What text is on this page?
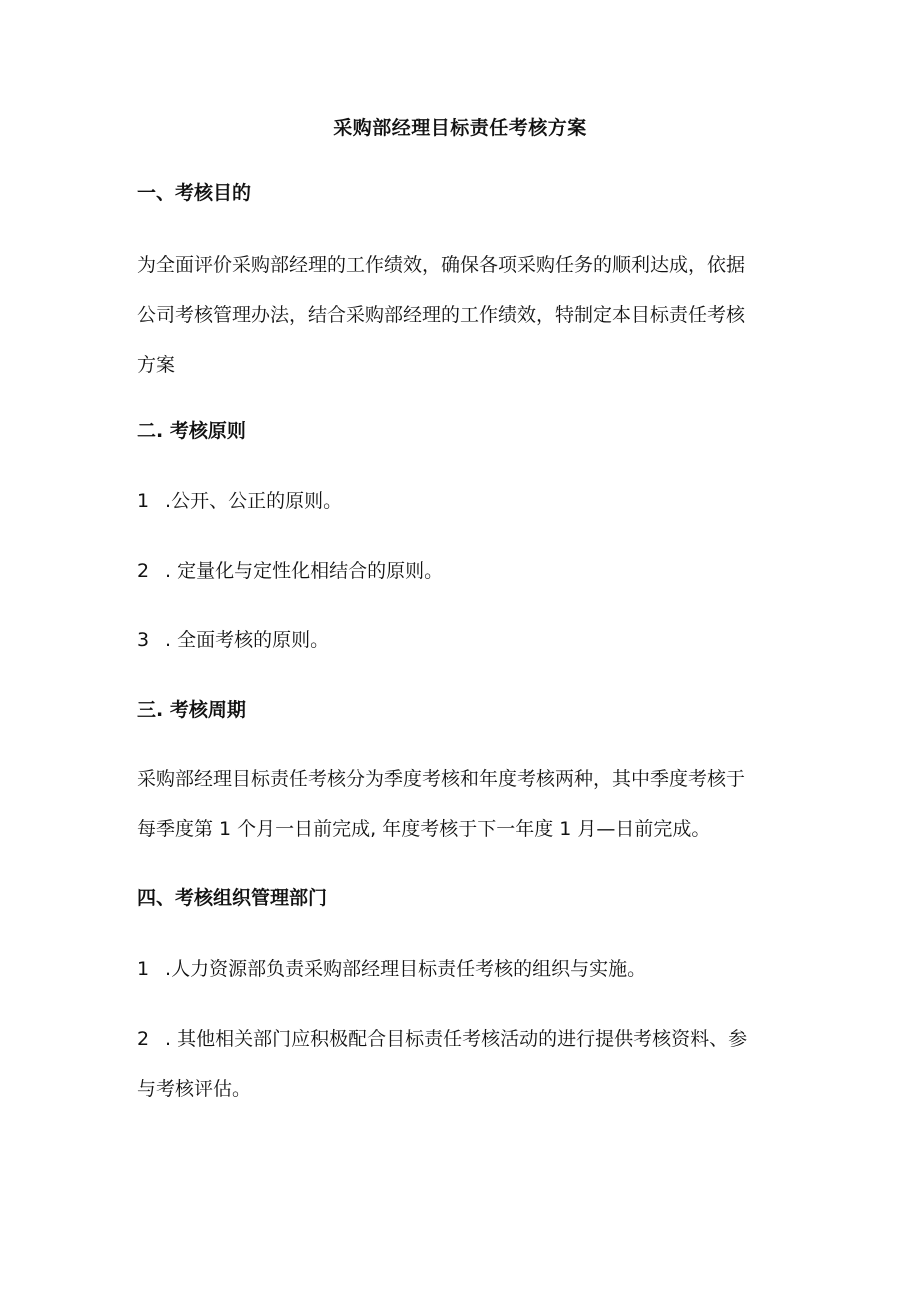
采购部经理目标责任考核方案
一、考核目的
为全面评价采购部经理的工作绩效，确保各项采购任务的顺利达成，依据
公司考核管理办法，结合采购部经理的工作绩效，特制定本目标责任考核
方案
二. 考核原则
1 .公开、公正的原则。
2 . 定量化与定性化相结合的原则。
3 . 全面考核的原则。
三. 考核周期
采购部经理目标责任考核分为季度考核和年度考核两种，其中季度考核于
每季度第 1 个月一日前完成, 年度考核于下一年度 1 月—日前完成。
四、考核组织管理部门
1 .人力资源部负责采购部经理目标责任考核的组织与实施。
2 . 其他相关部门应积极配合目标责任考核活动的进行提供考核资料、参
与考核评估。
